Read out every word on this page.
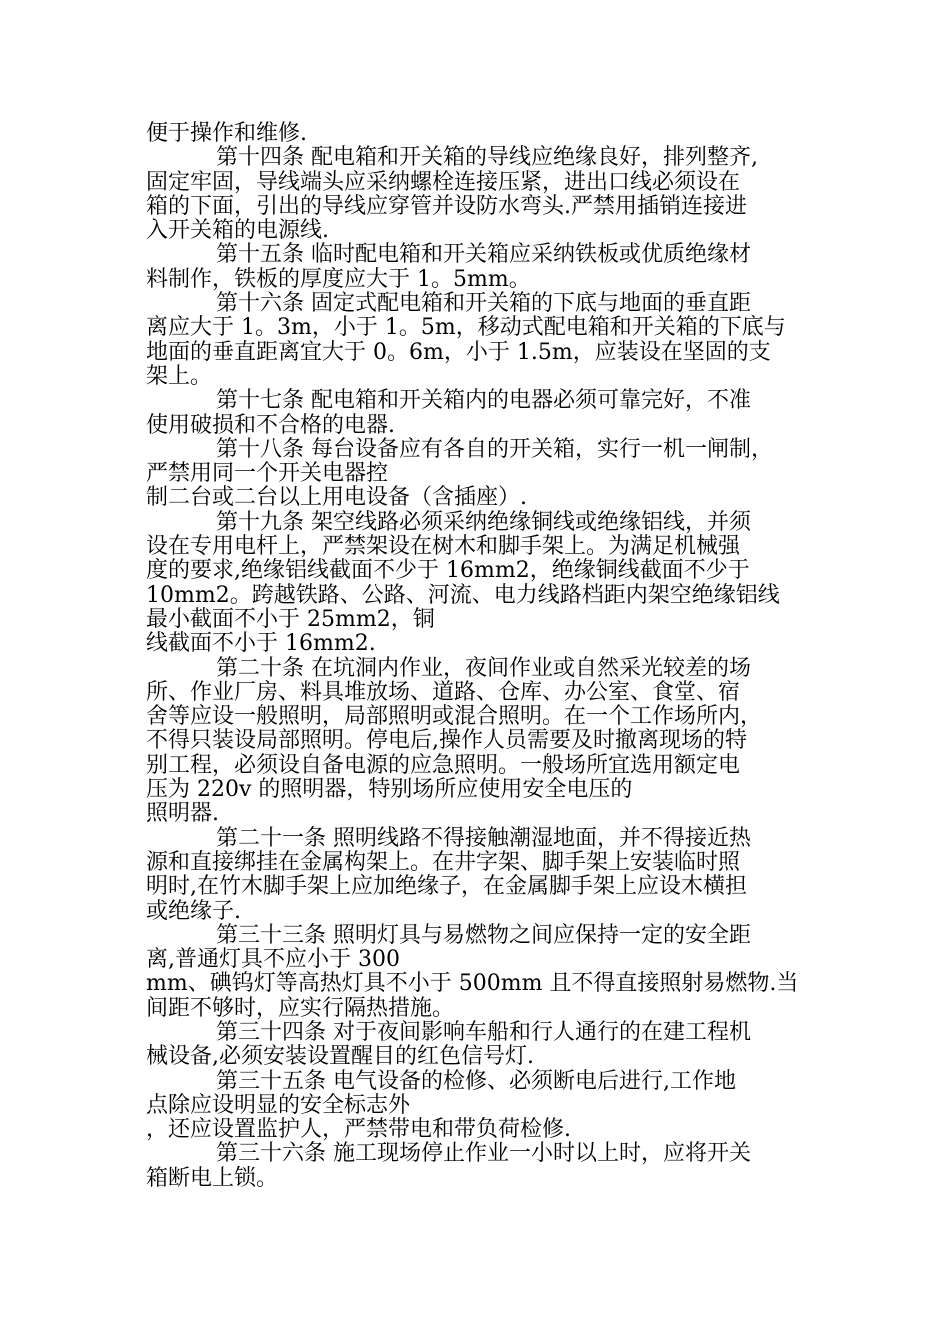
便于操作和维修.
第十四条 配电箱和开关箱的导线应绝缘良好，排列整齐,
固定牢固，导线端头应采纳螺栓连接压紧，进出口线必须设在
箱的下面，引出的导线应穿管并设防水弯头.严禁用插销连接进
入开关箱的电源线.
第十五条 临时配电箱和开关箱应采纳铁板或优质绝缘材
料制作，铁板的厚度应大于 1。5mm。
第十六条 固定式配电箱和开关箱的下底与地面的垂直距
离应大于 1。3m，小于 1。5m，移动式配电箱和开关箱的下底与
地面的垂直距离宜大于 0。6m，小于 1.5m，应装设在坚固的支
架上。
第十七条 配电箱和开关箱内的电器必须可靠完好，不准
使用破损和不合格的电器.
第十八条 每台设备应有各自的开关箱，实行一机一闸制，
严禁用同一个开关电器控
制二台或二台以上用电设备（含插座）.
第十九条 架空线路必须采纳绝缘铜线或绝缘铝线，并须
设在专用电杆上，严禁架设在树木和脚手架上。为满足机械强
度的要求,绝缘铝线截面不少于 16mm2，绝缘铜线截面不少于
10mm2。跨越铁路、公路、河流、电力线路档距内架空绝缘铝线
最小截面不小于 25mm2，铜
线截面不小于 16mm2.
第二十条 在坑洞内作业，夜间作业或自然采光较差的场
所、作业厂房、料具堆放场、道路、仓库、办公室、食堂、宿
舍等应设一般照明，局部照明或混合照明。在一个工作场所内，
不得只装设局部照明。停电后,操作人员需要及时撤离现场的特
别工程，必须设自备电源的应急照明。一般场所宜选用额定电
压为 220v 的照明器，特别场所应使用安全电压的
照明器.
第二十一条 照明线路不得接触潮湿地面，并不得接近热
源和直接绑挂在金属构架上。在井字架、脚手架上安装临时照
明时,在竹木脚手架上应加绝缘子，在金属脚手架上应设木横担
或绝缘子.
第三十三条 照明灯具与易燃物之间应保持一定的安全距
离,普通灯具不应小于 300
mm、碘钨灯等高热灯具不小于 500mm 且不得直接照射易燃物.当
间距不够时，应实行隔热措施。
第三十四条 对于夜间影响车船和行人通行的在建工程机
械设备,必须安装设置醒目的红色信号灯.
第三十五条 电气设备的检修、必须断电后进行,工作地
点除应设明显的安全标志外
，还应设置监护人，严禁带电和带负荷检修.
第三十六条 施工现场停止作业一小时以上时，应将开关
箱断电上锁。
